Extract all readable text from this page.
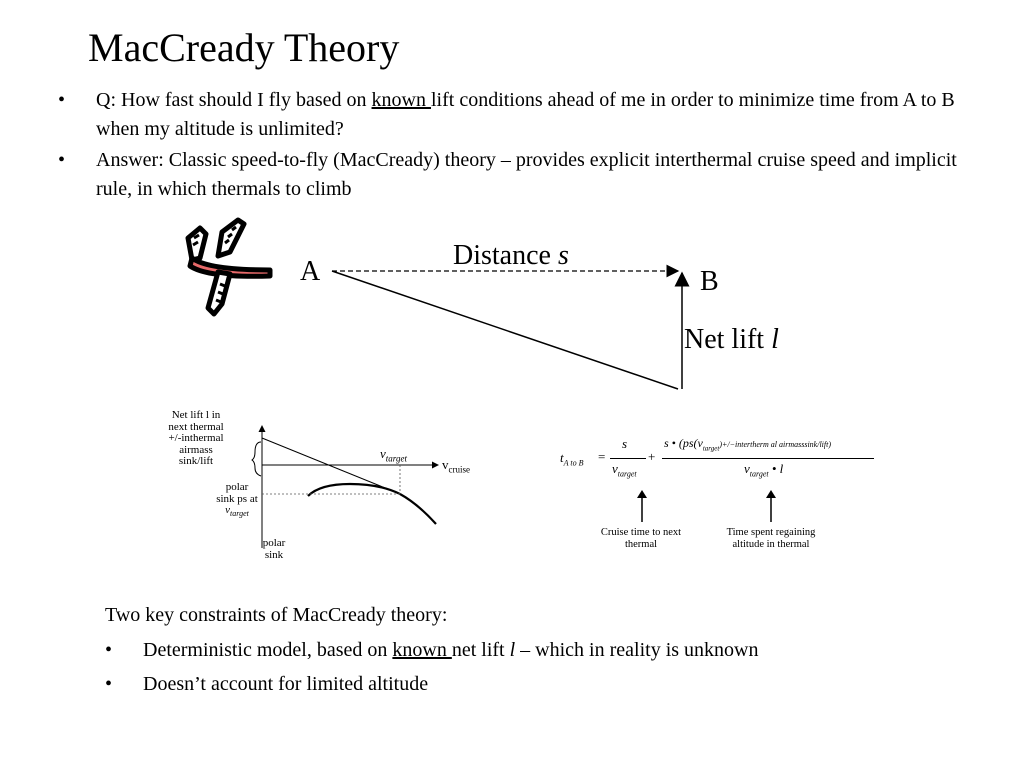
MacCready Theory
• Q: How fast should I fly based on known lift conditions ahead of me in order to minimize time from A to B when my altitude is unlimited?
• Answer: Classic speed-to-fly (MacCready) theory – provides explicit interthermal cruise speed and implicit rule, in which thermals to climb
A	B
Distance s
Net lift l
Net lift l in
next thermal
+/-inthermal
airmass
sink/lift	$v_{target}$	$v_{cruise}$
polar
sink ps at
$v_{target}$
polar
sink
$t_{A to B}$ =
s
$v_{target}$
+
s • ($ps(v_{target})+/-intertherm$ al airmasssink/lift)
$v_{target}$ • l
Cruise time to next thermal
Time spent regaining altitude in thermal
Two key constraints of MacCready theory:
• Deterministic model, based on known net lift l – which in reality is unknown
• Doesn’t account for limited altitude
